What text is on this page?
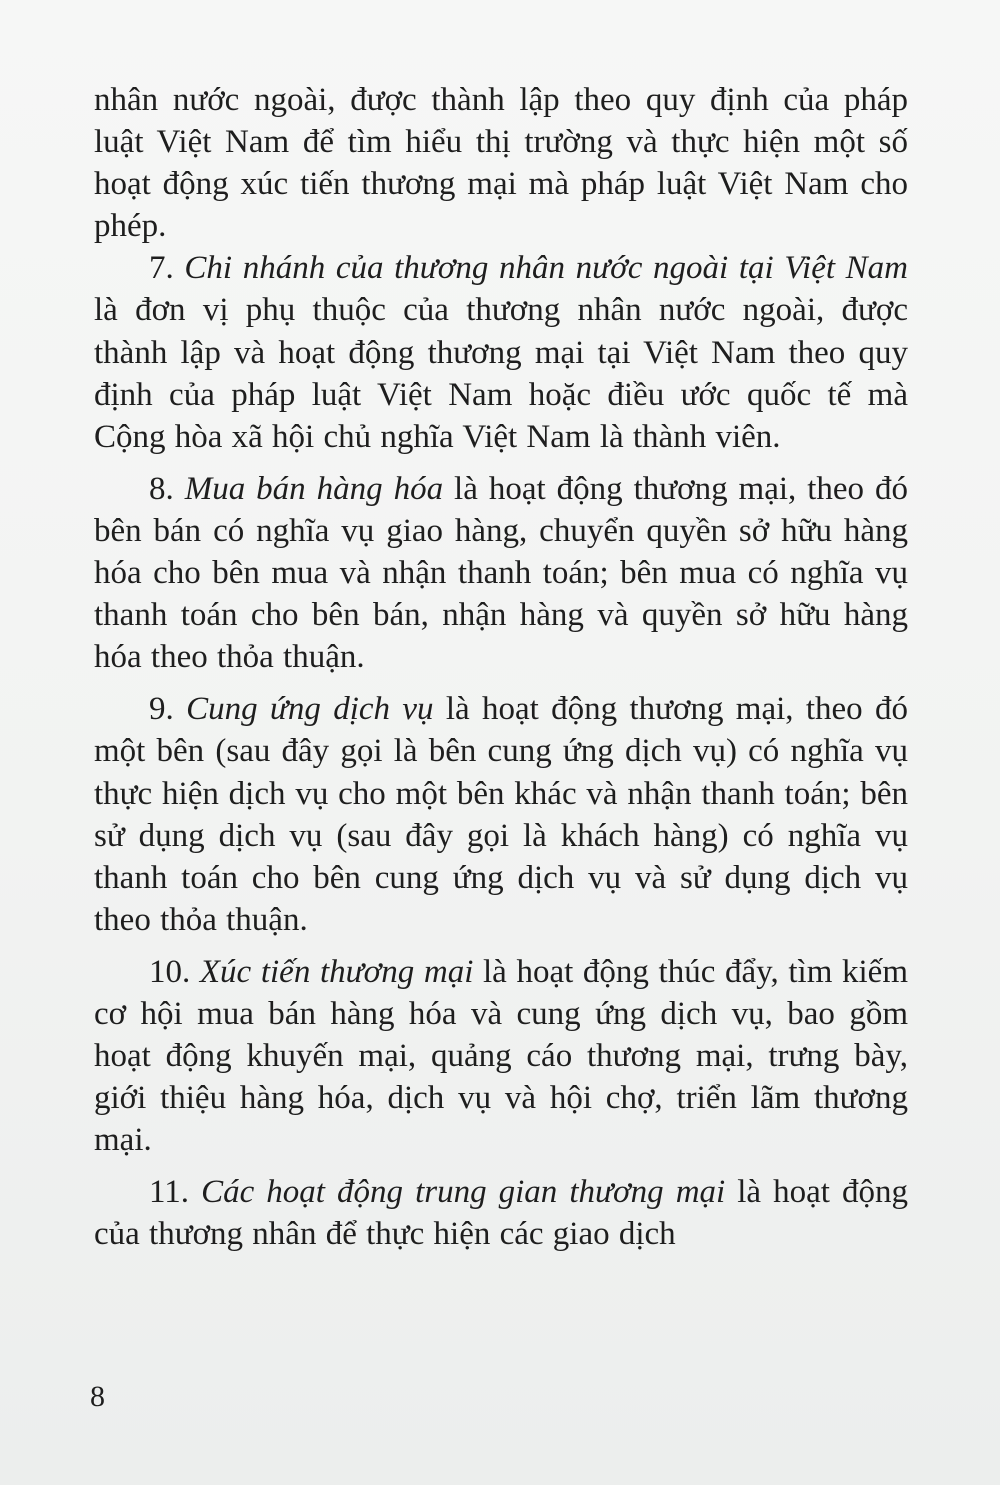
nhân nước ngoài, được thành lập theo quy định của pháp luật Việt Nam để tìm hiểu thị trường và thực hiện một số hoạt động xúc tiến thương mại mà pháp luật Việt Nam cho phép.

7. Chi nhánh của thương nhân nước ngoài tại Việt Nam là đơn vị phụ thuộc của thương nhân nước ngoài, được thành lập và hoạt động thương mại tại Việt Nam theo quy định của pháp luật Việt Nam hoặc điều ước quốc tế mà Cộng hòa xã hội chủ nghĩa Việt Nam là thành viên.

8. Mua bán hàng hóa là hoạt động thương mại, theo đó bên bán có nghĩa vụ giao hàng, chuyển quyền sở hữu hàng hóa cho bên mua và nhận thanh toán; bên mua có nghĩa vụ thanh toán cho bên bán, nhận hàng và quyền sở hữu hàng hóa theo thỏa thuận.

9. Cung ứng dịch vụ là hoạt động thương mại, theo đó một bên (sau đây gọi là bên cung ứng dịch vụ) có nghĩa vụ thực hiện dịch vụ cho một bên khác và nhận thanh toán; bên sử dụng dịch vụ (sau đây gọi là khách hàng) có nghĩa vụ thanh toán cho bên cung ứng dịch vụ và sử dụng dịch vụ theo thỏa thuận.

10. Xúc tiến thương mại là hoạt động thúc đẩy, tìm kiếm cơ hội mua bán hàng hóa và cung ứng dịch vụ, bao gồm hoạt động khuyến mại, quảng cáo thương mại, trưng bày, giới thiệu hàng hóa, dịch vụ và hội chợ, triển lãm thương mại.

11. Các hoạt động trung gian thương mại là hoạt động của thương nhân để thực hiện các giao dịch

8
